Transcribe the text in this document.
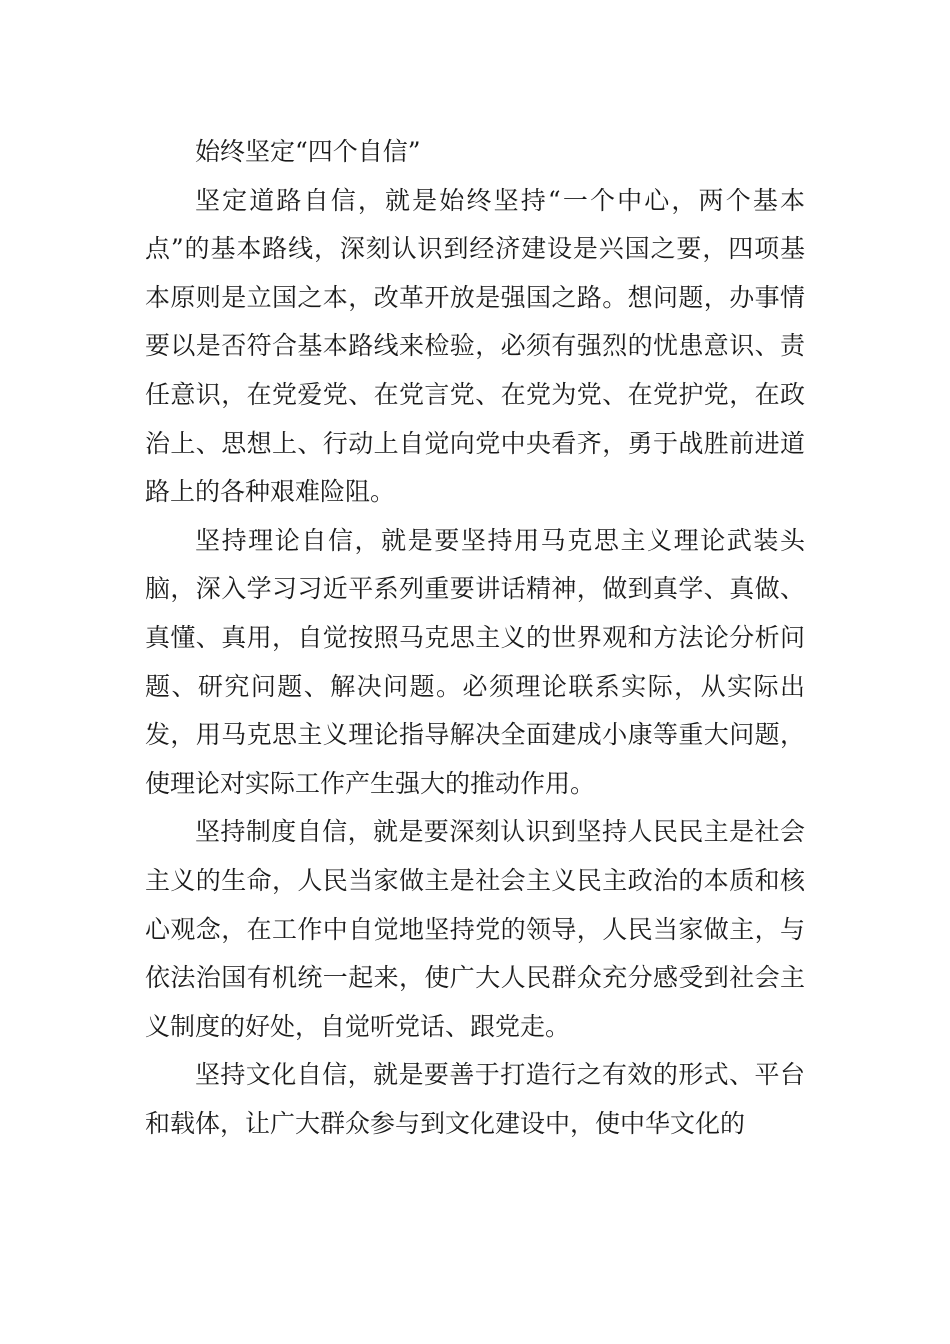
始终坚定“四个自信”

坚定道路自信，就是始终坚持“一个中心，两个基本点”的基本路线，深刻认识到经济建设是兴国之要，四项基本原则是立国之本，改革开放是强国之路。想问题，办事情要以是否符合基本路线来检验，必须有强烈的忧患意识、责任意识，在党爱党、在党言党、在党为党、在党护党，在政治上、思想上、行动上自觉向党中央看齐，勇于战胜前进道路上的各种艰难险阻。

坚持理论自信，就是要坚持用马克思主义理论武装头脑，深入学习习近平系列重要讲话精神，做到真学、真做、真懂、真用，自觉按照马克思主义的世界观和方法论分析问题、研究问题、解决问题。必须理论联系实际，从实际出发，用马克思主义理论指导解决全面建成小康等重大问题，使理论对实际工作产生强大的推动作用。

坚持制度自信，就是要深刻认识到坚持人民民主是社会主义的生命，人民当家做主是社会主义民主政治的本质和核心观念，在工作中自觉地坚持党的领导，人民当家做主，与依法治国有机统一起来，使广大人民群众充分感受到社会主义制度的好处，自觉听党话、跟党走。

坚持文化自信，就是要善于打造行之有效的形式、平台和载体，让广大群众参与到文化建设中，使中华文化的
